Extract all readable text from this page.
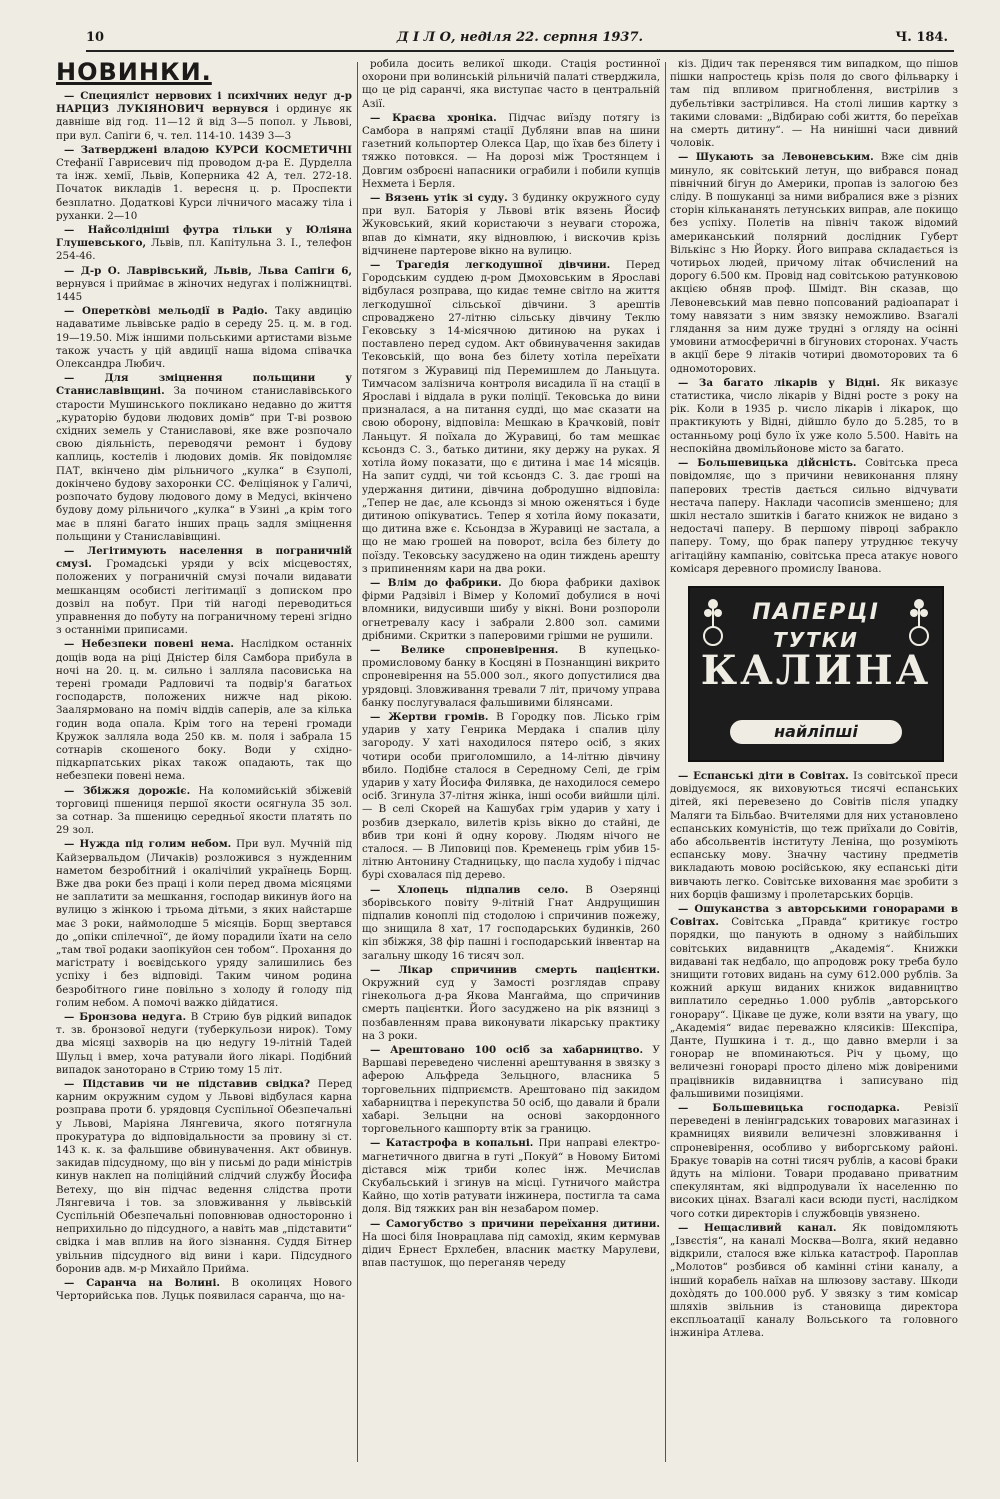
10	Д І Л О, неділя 22. серпня 1937.	Ч. 184.
НОВИНКИ.

— Специяліст нервових і психічних недуг д-р НАРЦИЗ ЛУКІЯНОВИЧ вернувся і ординує як давніше від год. 11—12 й від 3—5 попол. у Львові, при вул. Сапіги 6, ч. тел. 114-10. 1439 3—3

— Затверджені владою КУРСИ КОСМЕТИЧНІ Стефанії Гаврисевич під проводом д-ра Е. Дурделла та інж. хемії, Львів, Коперника 42 А, тел. 272-18. Початок викладів 1. вересня ц. р. Проспекти безплатно. Додаткові Курси лічничого масажу тіла і руханки. 2—10

— Найсолідніші футра тільки у Юліяна Глушевського, Львів, пл. Капітульна 3. І., телефон 254-46.

— Д-р О. Лаврівський, Львів, Льва Сапіги 6, вернувся і приймає в жіночих недугах і поліжництві. 1445

— Оперетко̀ві мельодії в Радіо. Таку авдицію надаватиме львівське радіо в середу 25. ц. м. в год. 19—19.50. Між іншими польськими артистами візьме також участь у цій авдиції наша відома співачка Олександра Любич.

— Для зміцнення польщини у Станиславівщині. За почином станиславівського старости Мушинського покликано недавно до життя „кураторію будови людових домів“ при Т-ві розвою східних земель у Станиславові, яке вже розпочало свою діяльність, переводячи ремонт і будову каплиць, костелів і людових домів. Як повідомляє ПАТ, вкінчено дім рільничого „кулка“ в Єзуполі, докінчено будову захоронки СС. Феліціянок у Галичі, розпочато будову людового дому в Медусі, вкінчено будову дому рільничого „кулка“ в Узині „а крім того має в пляні багато інших праць задля зміцнення польщини у Станиславівщині.

— Легітимують населення в пограничній смузі. Громадські уряди у всіх місцевостях, положених у пограничній смузі почали видавати мешканцям особисті легітимації з дописком про дозвіл на побут. При тій нагоді переводиться управнення до побуту на пограничному терені згідно з останніми приписами.

— Небезпеки повені нема. Наслідком останніх дощів вода на ріці Дністер біля Самбора прибула в ночі на 20. ц. м. сильно і залляла пасовиська на терені громади Радловичі та подвір'я багатьох господарств, положених нижче над рікою. Заалярмовано на поміч віддів саперів, але за кілька годин вода опала. Крім того на терені громади Кружок залляла вода 250 кв. м. поля і забрала 15 сотнарів скошеного боку. Води у східно-підкарпатських ріках також опадають, так що небезпеки повені нема.

— Збіжжя дорожіє. На коломийській збіжевій торговиці пшениця першої якости осягнула 35 зол. за сотнар. За пшеницю середньої якости платять по 29 зол.

— Нужда під голим небом. При вул. Мучній під Кайзервальдом (Личаків) розложився з нужденним наметом безробітний і окалічілий українець Борщ. Вже два роки без праці і коли перед двома місяцями не заплатити за мешкання, господар викинув його на вулицю з жінкою і трьома дітьми, з яких найстарше має 3 роки, наймолодше 5 місяців. Борщ звертався до „опіки спілечної“, де йому порадили їхати на село „там твої родаки заопікуйон сен тобом“. Прохання до магістрату і воєвідського уряду залишились без успіху і без відповіді. Таким чином родина безробітного гине повільно з холоду й голоду під голим небом. А помочі важко дійдатися.

— Бронзова недуга. В Стрию був рідкий випадок т. зв. бронзової недуги (туберкульози нирок). Тому два місяці захворів на цю недугу 19-літній Тадей Шульц і вмер, хоча ратували його лікарі. Подібний випадок заноторано в Стрию тому 15 літ.

— Підставив чи не підставив свідка? Перед карним окружним судом у Львові відбулася карна розправа проти б. урядовця Суспільної Обезпечальні у Львові, Маріяна Лянгевича, якого потягнула прокуратура до відповідальности за провину зі ст. 143 к. к. за фальшиве обвинувачення. Акт обвинув. закидав підсудному, що він у письмі до ради міністрів кинув наклеп на поліційний слідчий службу Йосифа Ветеху, що він підчас ведення слідства проти Лянгевича і тов. за зловживання у львівській Суспільній Обезпечальні поповнював односторонно і неприхильно до підсудного, а навіть мав „підставити“ свідка і мав вплив на його зізнання. Суддя Бітнер увільнив підсудного від вини і кари. Підсудного боронив адв. м-р Михайло Прийма.

— Саранча на Волині. В околицях Нового Черторийська пов. Луцьк появилася саранча, що на-

робила досить великої шкоди. Стація ростинної охорони при волинській рільничій палаті стверджила, що це рід саранчі, яка виступає часто в центральній Азії.

— Краєва хроніка. Підчас виїзду потягу із Самбора в напрямі стації Дубляни впав на шини газетний кольпортер Олекса Цар, що їхав без білету і тяжко потовкся. — На дорозі між Тростянцем і Довгим озброєні напасники ограбили і побили купців Нехмета і Берля.

— Вязень утік зі суду. З будинку окружного суду при вул. Баторія у Львові втік вязень Йосиф Жуковський, який користаючи з неуваги сторожа, впав до кімнати, яку відновлюю, і вискочив крізь відчинене партерове вікно на вулицю.

— Трагедія легкодушної дівчини. Перед Городським суддею д-ром Дмоховським в Ярославі відбулася розправа, що кидає темне світло на життя легкодушної сільської дівчини. З арештів спроваджено 27-літню сільську дівчину Теклю Гековську з 14-місячною дитиною на руках і поставлено перед судом. Акт обвинувачення закидав Тековській, що вона без білету хотіла переїхати потягом з Журавиці під Перемишлем до Ланьцута. Тимчасом залізнича контроля висадила її на стації в Ярославі і віддала в руки поліції. Тековська до вини призналася, а на питання судді, що має сказати на свою оборону, відповіла: Мешкаю в Крачковій, повіт Ланьцут. Я поїхала до Журавиці, бо там мешкає ксьондз С. З., батько дитини, яку держу на руках. Я хотіла йому показати, що є дитина і має 14 місяців. На запит судді, чи той ксьондз С. З. дає гроші на удержання дитини, дівчина добродушно відповіла: „Тепер не дає, але ксьондз зі мною оженяться і буде дитиною опікуватись. Тепер я хотіла йому показати, що дитина вже є. Ксьондза в Журавиці не застала, а що не маю грошей на поворот, всіла без білету до поїзду. Тековську засуджено на один тиждень арешту з припиненням кари на два роки.

— Влім до фабрики. До бюра фабрики дахівок фірми Радзівіл і Вімер у Коломиї добулися в ночі вломники, видусивши шибу у вікні. Вони розпороли огнетревалу касу і забрали 2.800 зол. самими дрібними. Скритки з паперовими грішми не рушили.

— Велике спроневірення. В купецько-промисловому банку в Косцяні в Познанщині викрито спроневірення на 55.000 зол., якого допустилися два урядовці. Зловживання тревали 7 літ, причому управа банку послугувалася фальшивими білянсами.

— Жертви громів. В Городку пов. Лісько грім ударив у хату Генрика Мердака і спалив цілу загороду. У хаті находилося пятеро осіб, з яких чотири особи приголомшило, а 14-літню дівчину вбило. Подібне сталося в Середному Селі, де грім ударив у хату Йосифа Филявка, де находилося семеро осіб. Згинула 37-літня жінка, інші особи вийшли цілі. — В селі Скорей на Кашубах грім ударив у хату і розбив дзеркало, вилетів крізь вікно до стайні, де вбив три коні й одну корову. Людям нічого не сталося. — В Липовиці пов. Кременець грім убив 15-літню Антонину Стадницьку, що пасла худобу і підчас бурі сховалася під дерево.

— Хлопець підпалив село. В Озерянці зборівського повіту 9-літній Гнат Андрущишин підпалив коноплі під стодолою і спричинив пожежу, що знищила 8 хат, 17 господарських будинків, 260 кіп збіжжя, 38 фір пашні і господарський інвентар на загальну шкоду 16 тисяч зол.

— Лікар спричинив смерть пацієнтки. Окружний суд у Замості розглядав справу гінекольога д-ра Якова Мангайма, що спричинив смерть пацієнтки. Його засуджено на рік вязниці з позбавленням права виконувати лікарську практику на 3 роки.

— Арештовано 100 осіб за хабарництво. У Варшаві переведено численні арештування в звязку з аферою Альфреда Зельцного, власника 5 торговельних підприємств. Арештовано під закидом хабарництва і перекупства 50 осіб, що давали й брали хабарі. Зельцни на основі закордонного торговельного кашпорту втік за границю.

— Катастрофа в копальні. При направі електро-магнетичного двигна в гуті „Покуй“ в Новому Битомі дістався між триби колес інж. Мечислав Скубальський і згинув на місці. Гутничого майстра Кайно, що хотів ратувати інжинера, постигла та сама доля. Від тяжких ран він незабаром помер.

— Самогубство з причини переїхання дитини. На шосі біля Іноврацлава під самохід, яким кермував дідич Ернест Ерхлебен, власник маєтку Марулеви, впав пастушок, що переганяв череду

кіз. Дідич так перенявся тим випадком, що пішов пішки напростець крізь поля до свого фільварку і там під впливом пригноблення, вистрілив з дубельтівки застрілився. На столі лишив картку з такими словами: „Відбираю собі життя, бо переїхав на смерть дитину“. — На нинішні часи дивний чоловік.

— Шукають за Левоневським. Вже сім днів минуло, як совітський летун, що вибрався понад північний бігун до Америки, пропав із залогою без сліду. В пошуканці за ними вибралися вже з різних сторін кількананять летунських виправ, але покищо без успіху. Полетів на північ також відомий американський полярний дослідник Губерт Вількінс з Ню Йорку. Його виправа складається із чотирьох людей, причому літак обчислений на дорогу 6.500 км. Провід над совітською ратунковою акцією обняв проф. Шмідт. Він сказав, що Левоневський мав певно попсований радіоапарат і тому навязати з ним звязку неможливо. Взагалі глядання за ним дуже трудні з огляду на осінні умовини атмосферичні в бігунових сторонах. Участь в акції бере 9 літаків чотириі двомоторових та 6 одномоторових.

— За багато лікарів у Відні. Як виказує статистика, число лікарів у Відні росте з року на рік. Коли в 1935 р. число лікарів і лікарок, що практикують у Відні, дійшло було до 5.285, то в останньому році було їх уже коло 5.500. Навіть на неспокійна двомільйонове місто за багато.

— Большевицька дійсність. Совітська преса повідомляє, що з причини невиконання пляну паперових трестів дається сильно відчувати нестача паперу. Наклади часописів зменшено; для шкіл нестало зшитків і багато книжок не видано з недостачі паперу. В першому півроці забракло паперу. Тому, що брак паперу утруднює текучу агітаційну кампанію, совітська преса атакує нового комісаря деревного промислу Іванова.

ПАПЕРЦІ
ТУТКИ
КАЛИНА
найліпші

— Еспанські діти в Совітах. Із совітської преси довідуємося, як виховуються тисячі еспанських дітей, які перевезено до Совітів після упадку Маляги та Більбао. Вчителями для них установлено еспанських комуністів, що теж приїхали до Совітів, або абсольвентів інституту Леніна, що розуміють еспанську мову. Значну частину предметів викладають мовою російською, яку еспанські діти вивчають легко. Совітське виховання має зробити з них борців фашизму і пролетарських борців.

— Ошуканства з авторськими гонорарами в Совітах. Совітська „Правда“ критикує гостро порядки, що панують в одному з найбільших совітських видавництв „Академія“. Книжки видавані так недбало, що апродовж року треба було знищити готових видань на суму 612.000 рублів. За кожний аркуш виданих книжок видавництво виплатило середньо 1.000 рублів „авторського гонорару“. Цікаве це дуже, коли взяти на увагу, що „Академія“ видає переважно клясиків: Шекспіра, Данте, Пушкина і т. д., що давно вмерли і за гонорар не впоминаються. Річ у цьому, що величезні гонорарі просто ділено між довіреними працівників видавництва і записувано під фальшивими позиціями.

— Большевицька господарка. Ревізії переведені в ленінградських товарових магазинах і крамницях виявили величезні зловживання і спроневірення, особливо у виборгському районі. Бракує товарів на сотні тисяч рублів, а касові браки йдуть на міліони. Товари продавано приватним спекулянтам, які відпродували їх населенню по високих цінах. Взагалі каси всюди пусті, наслідком чого сотки директорів і службовців увязнено.

— Нещасливий канал. Як повідомляють „Ізвєстія“, на каналі Москва—Волга, який недавно відкрили, сталося вже кілька катастроф. Пароплав „Молотов“ розбився об камінні стіни каналу, а інший корабель наїхав на шлюзову заставу. Шкоди дохо̀дять до 100.000 руб. У звязку з тим комісар шляхів звільнив із становища директора експльоатації каналу Вольського та головного інжиніра Атлева.
